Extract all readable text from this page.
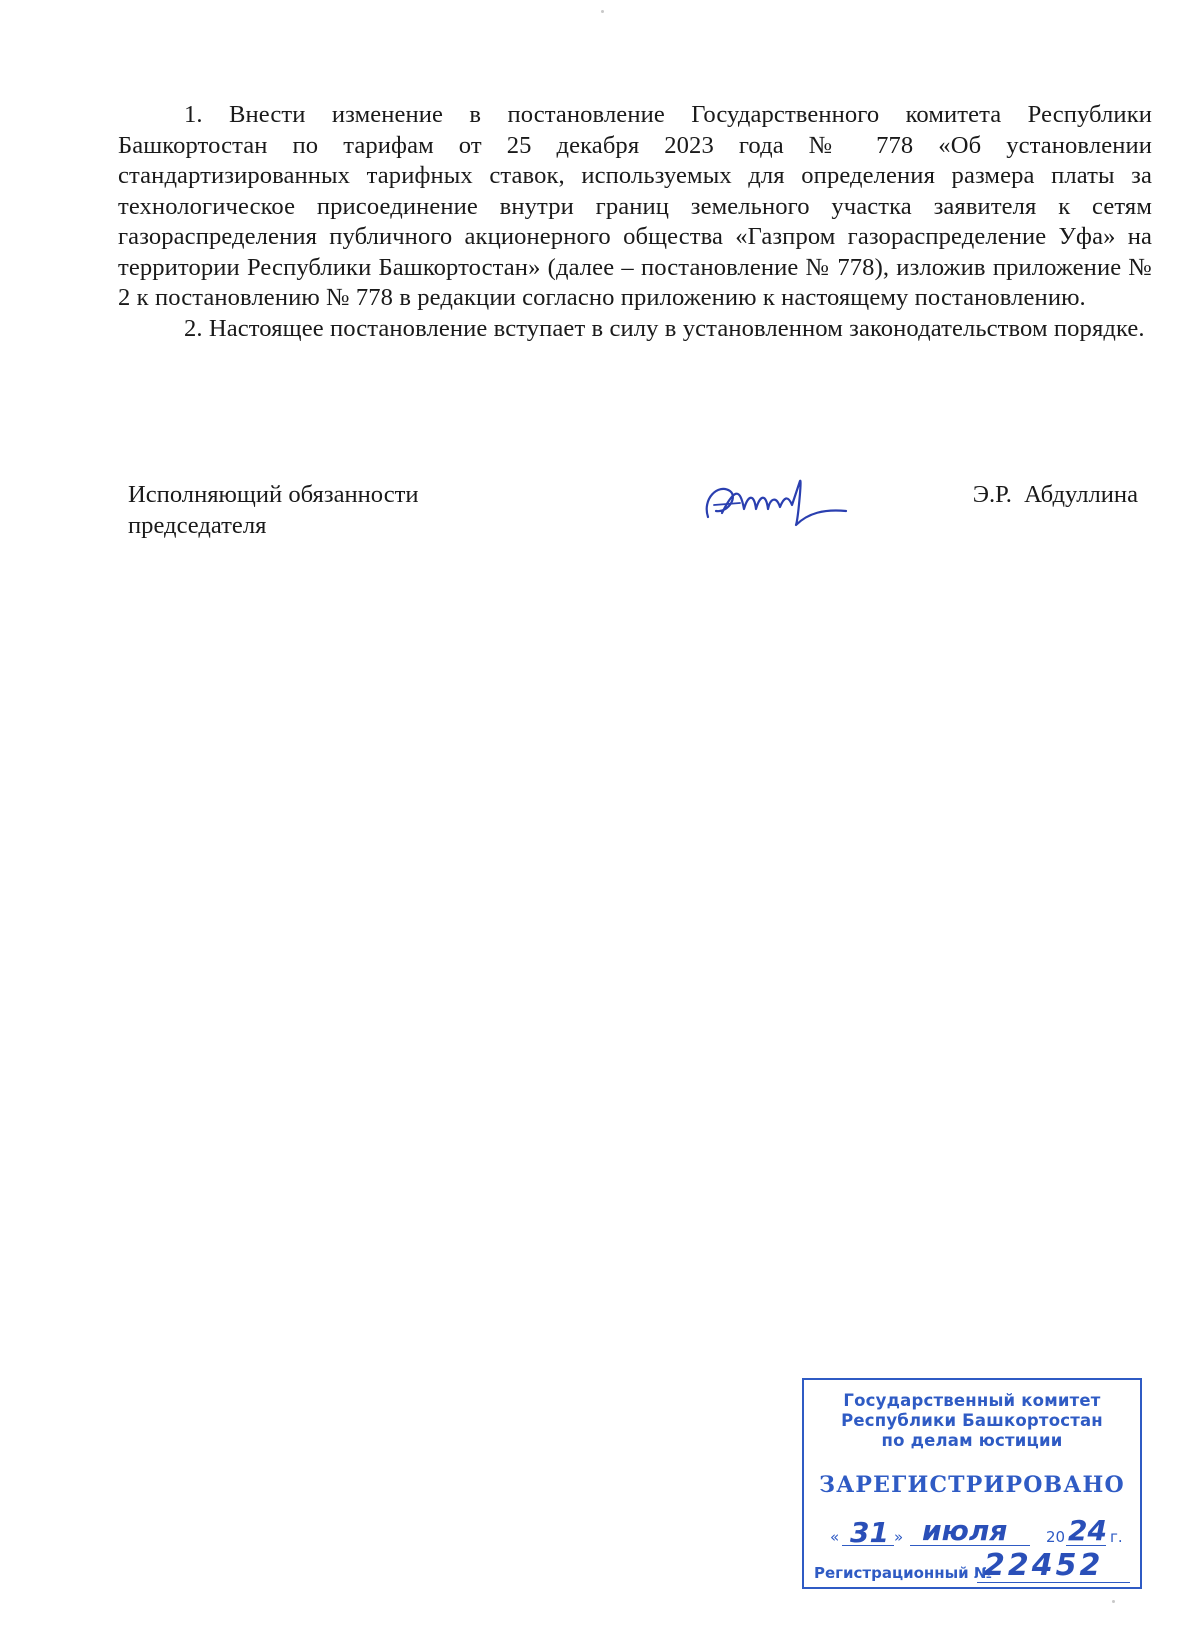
1. Внести изменение в постановление Государственного комитета Республики Башкортостан по тарифам от 25 декабря 2023 года № 778 «Об установлении стандартизированных тарифных ставок, используемых для определения размера платы за технологическое присоединение внутри границ земельного участка заявителя к сетям газораспределения публичного акционерного общества «Газпром газораспределение Уфа» на территории Республики Башкортостан» (далее – постановление № 778), изложив приложение № 2 к постановлению № 778 в редакции согласно приложению к настоящему постановлению.

2. Настоящее постановление вступает в силу в установленном законодательством порядке.

Исполняющий обязанности
председателя
Э.Р. Абдуллина
Государственный комитет
Республики Башкортостан
по делам юстиции
ЗАРЕГИСТРИРОВАНО
« 31 » июля	20 24 г.
Регистрационный №
22452
